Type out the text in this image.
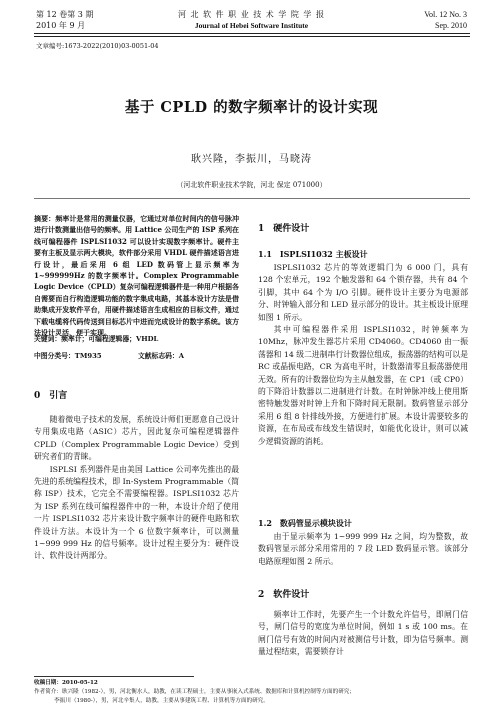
第 12 卷第 3 期
2010 年 9 月
河 北 软 件 职 业 技 术 学 院 学 报
Journal of Hebei Software Institute
Vol. 12 No. 3
Sep. 2010
文章编号:1673-2022(2010)03-0051-04
基于 CPLD 的数字频率计的设计实现
耿兴隆，李振川，马晓涛
（河北软件职业技术学院，河北 保定 071000）
摘要：频率计是常用的测量仪器，它通过对单位时间内的信号脉冲进行计数测量出信号的频率。用 Lattice 公司生产的 ISP 系列在线可编程器件 ISPLSI1032 可以设计实现数字频率计。硬件主要有主板及显示两大模块，软件部分采用 VHDL 硬件描述语言进行设计，最后采用 6 组 LED 数码管上显示频率为 1~999999Hz 的数字频率计。Complex Programmable Logic Device（CPLD）复杂可编程逻辑器件是一种用户根据各自需要而自行构造逻辑功能的数字集成电路，其基本设计方法是借助集成开发软件平台，用硬件描述语言生成相应的目标文件，通过下载电缆将代码传送到目标芯片中进而完成设计的数字系统。该方法设计灵活，便于实现。
关键词：频率计；可编程逻辑器；VHDL
中图分类号：TM935	文献标志码：A
0　引言

随着微电子技术的发展，系统设计师们更愿意自己设计专用集成电路（ASIC）芯片，因此复杂可编程逻辑器件 CPLD（Complex Programmable Logic Device）受到研究者们的青睐。

ISPLSI 系列器件是由美国 Lattice 公司率先推出的最先进的系统编程技术，即 In-System Programmable（简称 ISP）技术，它完全不需要编程器。ISPLSI1032 芯片为 ISP 系列在线可编程器件中的一种，本设计介绍了使用一片 ISPLSI1032 芯片来设计数字频率计的硬件电路和软件设计方法。本设计为一个 6 位数字频率计，可以测量 1~999 999 Hz 的信号频率。设计过程主要分为：硬件设计、软件设计两部分。

1　硬件设计
1.1　ISPLSI1032 主板设计

ISPLSI1032 芯片的等效逻辑门为 6 000 门，具有 128 个宏单元，192 个触发器和 64 个锁存器，共有 84 个引脚，其中 64 个为 I/O 引脚。硬件设计主要分为电源部分、时钟输入部分和 LED 显示部分的设计。其主板设计原理如图 1 所示。

其中可编程器件采用 ISPLSI1032，时钟频率为 10Mhz，脉冲发生器芯片采用 CD4060。CD4060 由一振荡器和 14 级二进制串行计数器位组成，振荡器的结构可以是 RC 或晶振电路，CR 为高电平时，计数器清零且振荡器使用无效。所有的计数器位均为主从触发器，在 CP1（或 CP0）的下降沿计数器以二进制进行计数。在时钟脉冲线上使用斯密特触发器对时钟上升和下降时间无限制。数码管显示部分采用 6 组 8 针排线外接，方便进行扩展。本设计需要较多的资源，在布局或布线发生错误时，如能优化设计，则可以减少逻辑资源的消耗。

1.2　数码管显示模块设计

由于显示频率为 1~999 999 Hz 之间，均为整数，故数码管显示部分采用常用的 7 段 LED 数码显示管。该部分电路原理如图 2 所示。

2　软件设计

频率计工作时，先要产生一个计数允许信号，即闸门信号，闸门信号的宽度为单位时间，例如 1 s 或 100 ms。在闸门信号有效的时间内对被测信号计数，即为信号频率。测量过程结束，需要锁存计

收稿日期：2010-05-12
作者简介：耿兴隆（1982-），男，河北衡水人，助教，在读工程硕士，主要从事嵌入式系统、数据库和计算机控制等方面的研究；
李振川（1980-），男，河北辛集人，助教，主要从事建筑工程、计算机等方面的研究。
